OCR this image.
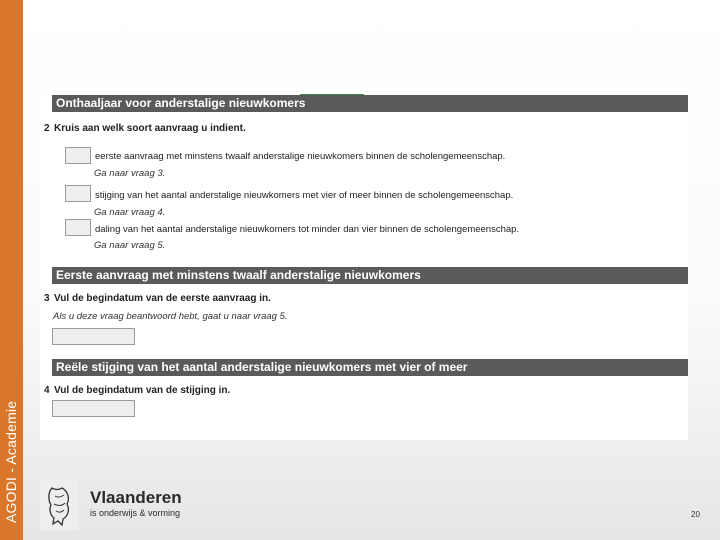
AGODI - Academie
Onthaaljaar voor anderstalige nieuwkomers
2 Kruis aan welk soort aanvraag u indient.
eerste aanvraag met minstens twaalf anderstalige nieuwkomers binnen de scholengemeenschap.
Ga naar vraag 3.
stijging van het aantal anderstalige nieuwkomers met vier of meer binnen de scholengemeenschap.
Ga naar vraag 4.
daling van het aantal anderstalige nieuwkomers tot minder dan vier binnen de scholengemeenschap.
Ga naar vraag 5.
Eerste aanvraag met minstens twaalf anderstalige nieuwkomers
3 Vul de begindatum van de eerste aanvraag in.
Als u deze vraag beantwoord hebt, gaat u naar vraag 5.
Reële stijging van het aantal anderstalige nieuwkomers met vier of meer
4 Vul de begindatum van de stijging in.
Vlaanderen
is onderwijs & vorming	20
